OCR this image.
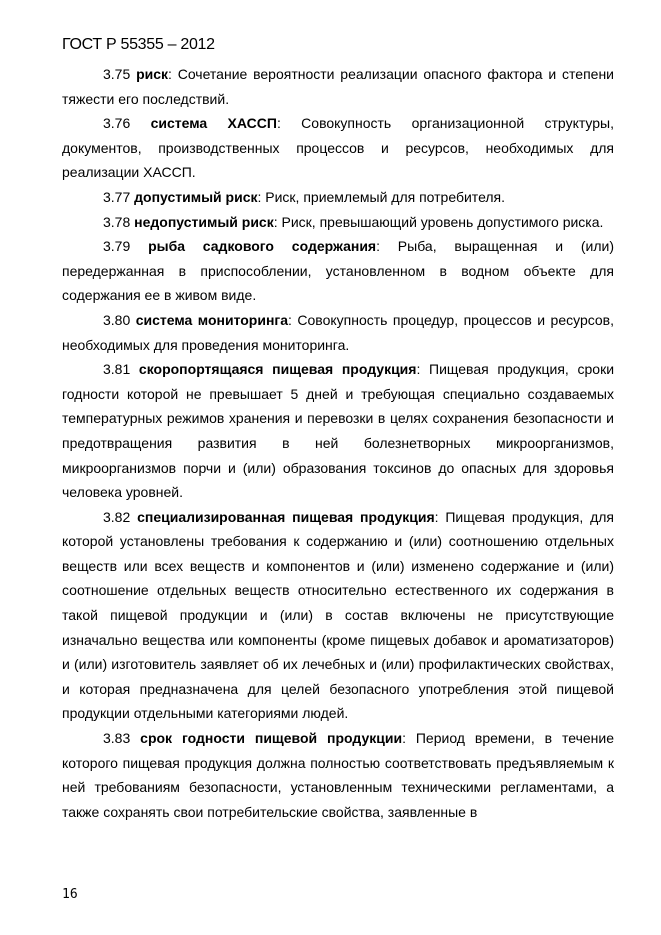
ГОСТ Р 55355 – 2012

3.75 риск: Сочетание вероятности реализации опасного фактора и степени тяжести его последствий.

3.76 система ХАССП: Совокупность организационной структуры, документов, производственных процессов и ресурсов, необходимых для реализации ХАССП.

3.77 допустимый риск: Риск, приемлемый для потребителя.

3.78 недопустимый риск: Риск, превышающий уровень допустимого риска.

3.79 рыба садкового содержания: Рыба, выращенная и (или) передержанная в приспособлении, установленном в водном объекте для содержания ее в живом виде.

3.80 система мониторинга: Совокупность процедур, процессов и ресурсов, необходимых для проведения мониторинга.

3.81 скоропортящаяся пищевая продукция: Пищевая продукция, сроки годности которой не превышает 5 дней и требующая специально создаваемых температурных режимов хранения и перевозки в целях сохранения безопасности и предотвращения развития в ней болезнетворных микроорганизмов, микроорганизмов порчи и (или) образования токсинов до опасных для здоровья человека уровней.

3.82 специализированная пищевая продукция: Пищевая продукция, для которой установлены требования к содержанию и (или) соотношению отдельных веществ или всех веществ и компонентов и (или) изменено содержание и (или) соотношение отдельных веществ относительно естественного их содержания в такой пищевой продукции и (или) в состав включены не присутствующие изначально вещества или компоненты (кроме пищевых добавок и ароматизаторов) и (или) изготовитель заявляет об их лечебных и (или) профилактических свойствах, и которая предназначена для целей безопасного употребления этой пищевой продукции отдельными категориями людей.

3.83 срок годности пищевой продукции: Период времени, в течение которого пищевая продукция должна полностью соответствовать предъявляемым к ней требованиям безопасности, установленным техническими регламентами, а также сохранять свои потребительские свойства, заявленные в

16
